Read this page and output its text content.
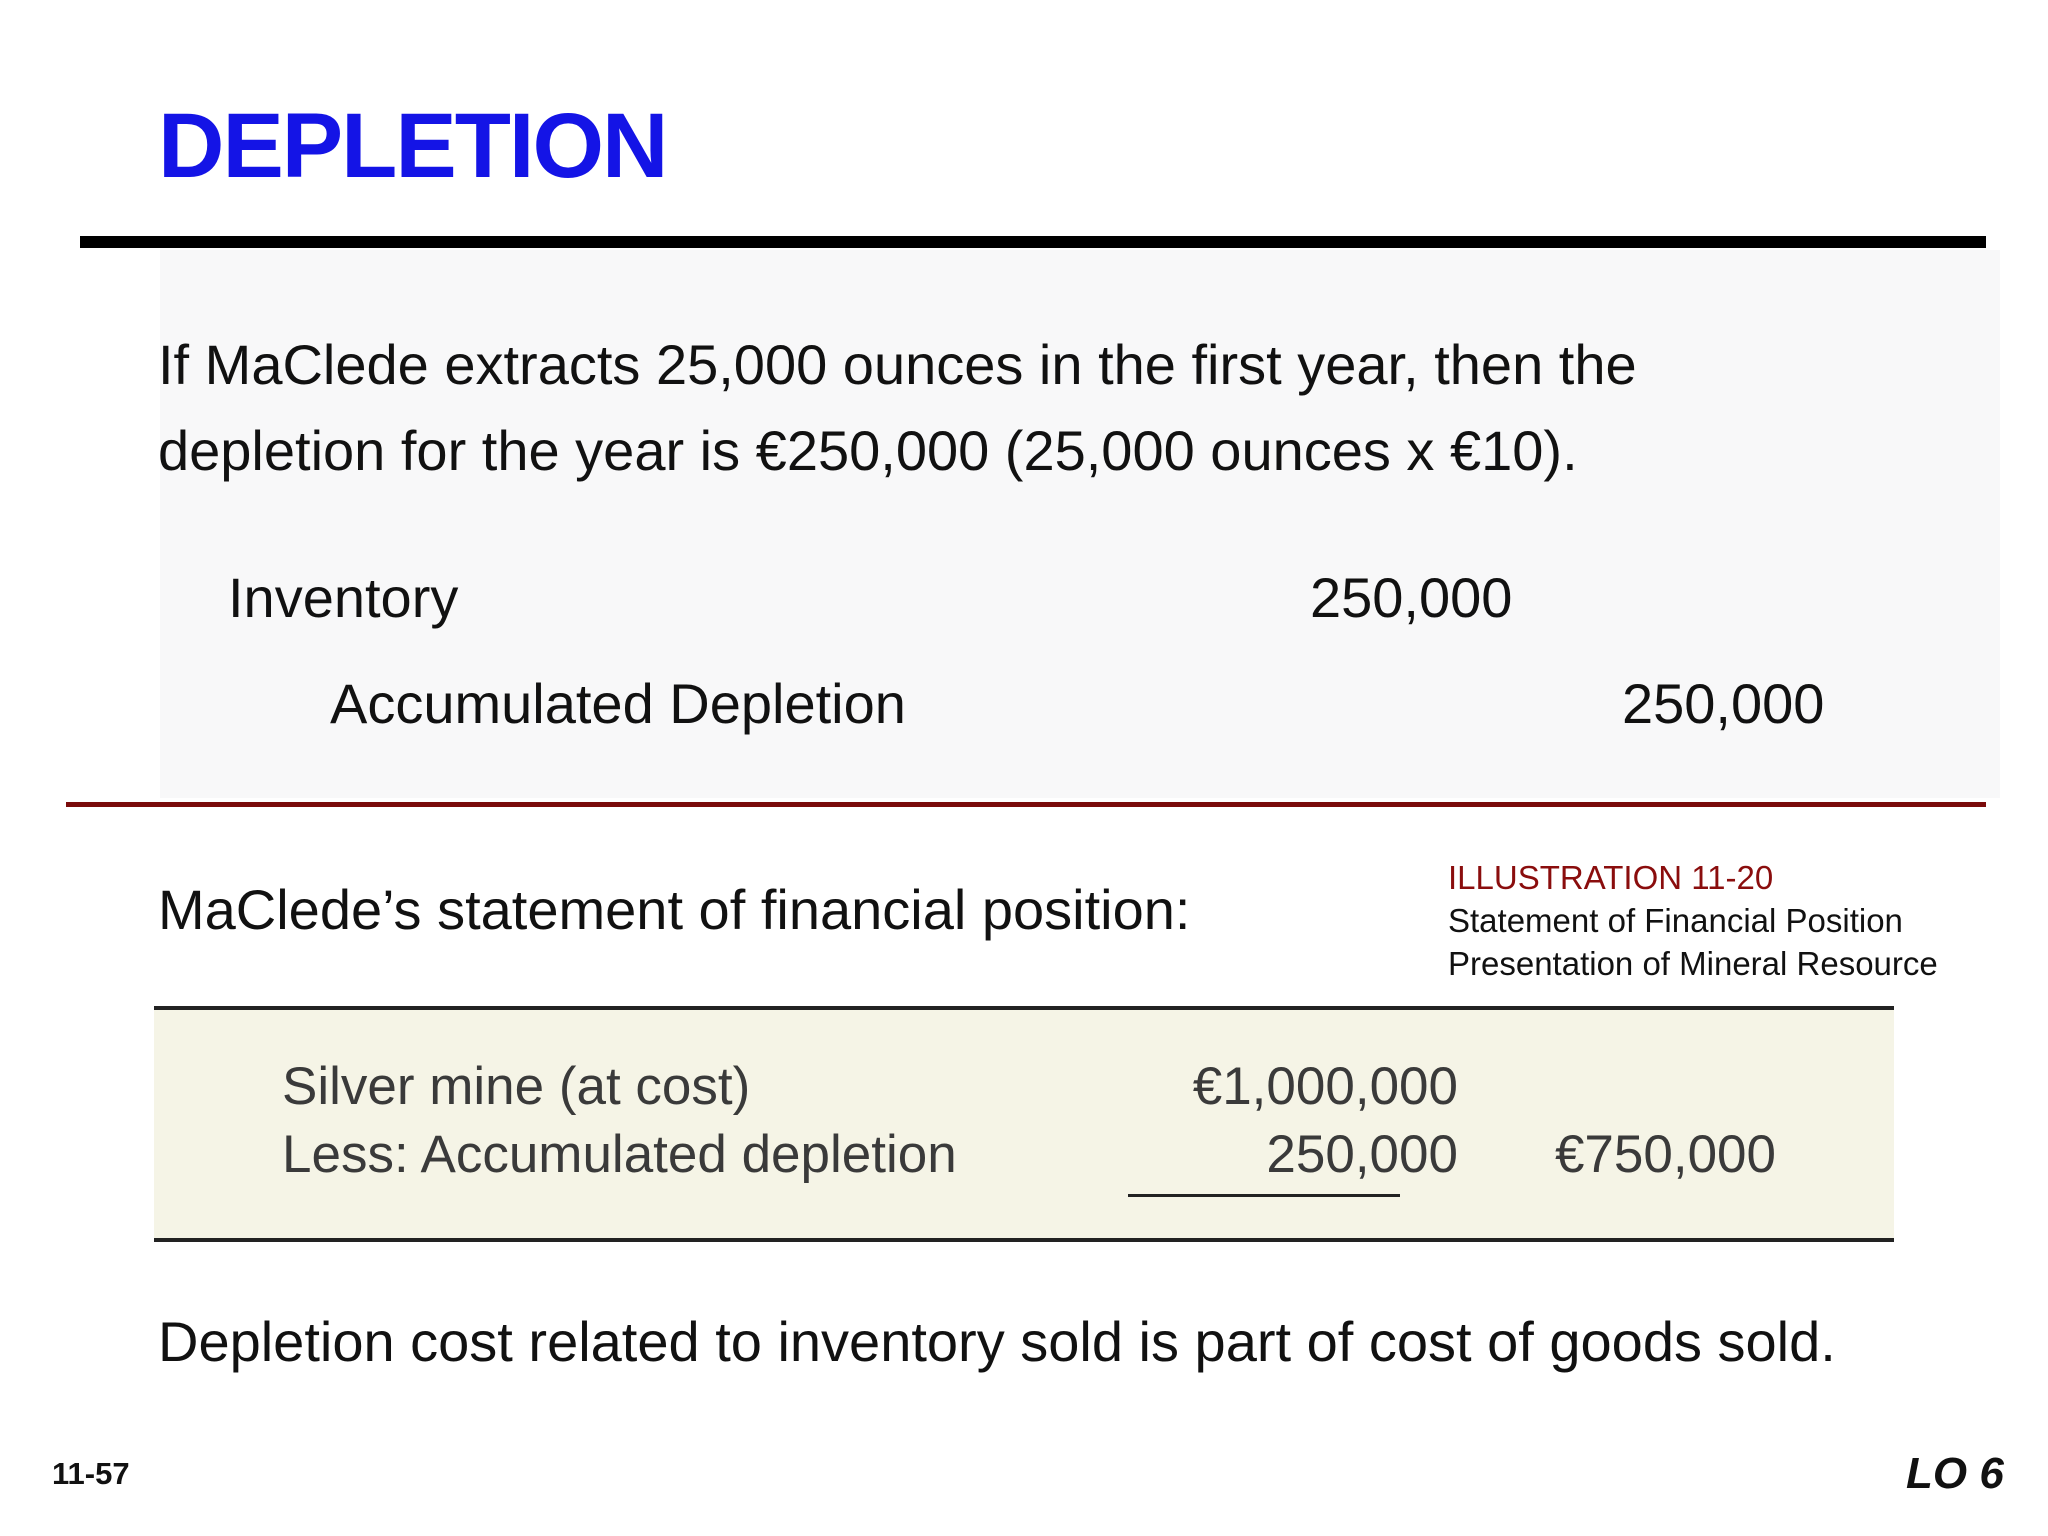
DEPLETION
If MaClede extracts 25,000 ounces in the first year, then the
depletion for the year is €250,000 (25,000 ounces x €10).
Inventory	250,000
Accumulated Depletion	250,000
MaClede’s statement of financial position:
ILLUSTRATION 11-20
Statement of Financial Position
Presentation of Mineral Resource
Silver mine (at cost)	€1,000,000
Less: Accumulated depletion	250,000 €750,000
Depletion cost related to inventory sold is part of cost of goods sold.
11-57	LO 6
